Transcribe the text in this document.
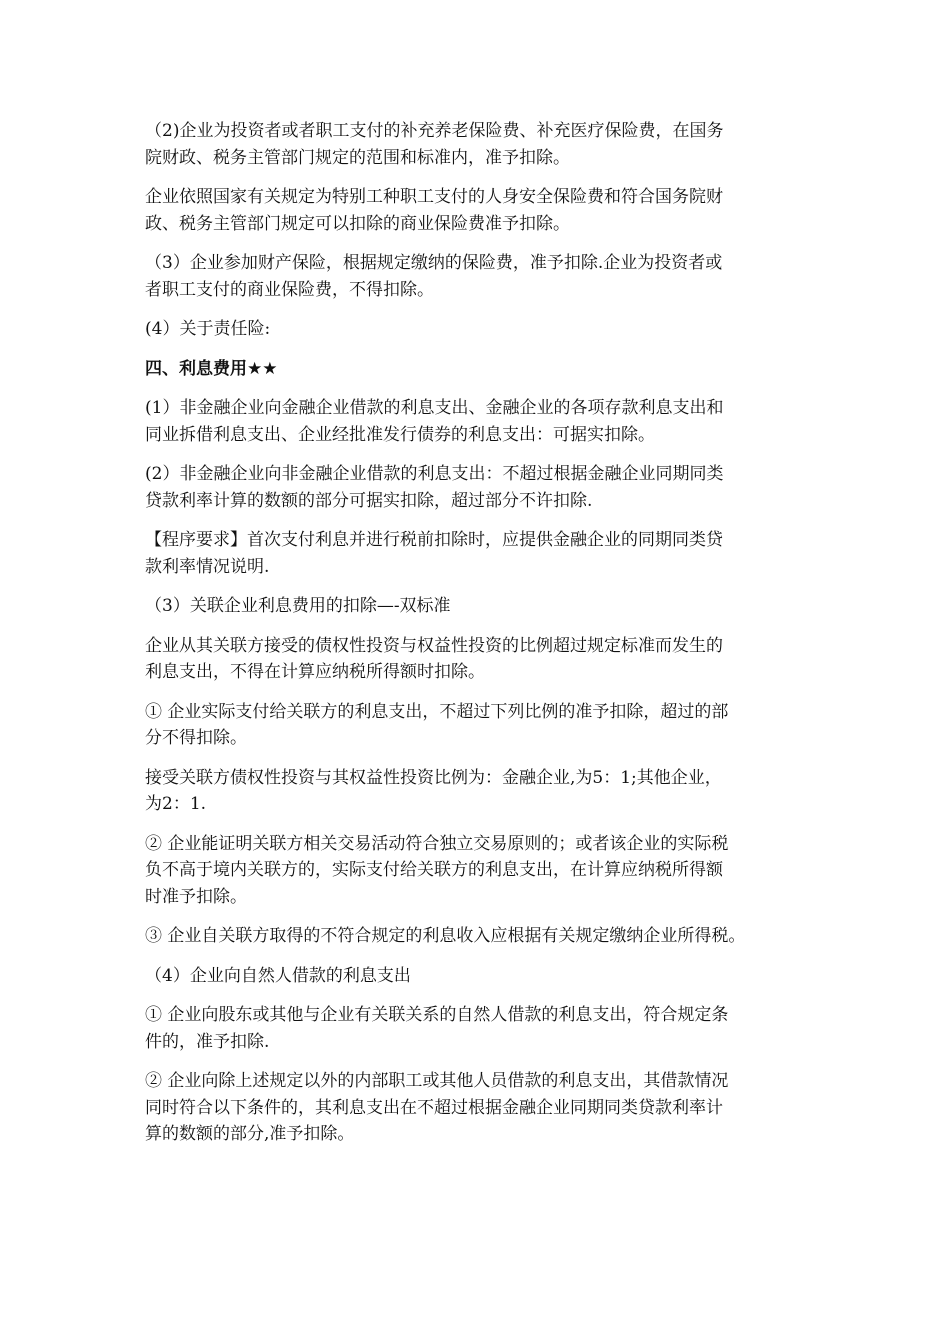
（2)企业为投资者或者职工支付的补充养老保险费、补充医疗保险费，在国务
院财政、税务主管部门规定的范围和标准内，准予扣除。

企业依照国家有关规定为特别工种职工支付的人身安全保险费和符合国务院财
政、税务主管部门规定可以扣除的商业保险费准予扣除。

（3）企业参加财产保险，根据规定缴纳的保险费，准予扣除.企业为投资者或
者职工支付的商业保险费，不得扣除。

(4）关于责任险:

四、利息费用★★

(1）非金融企业向金融企业借款的利息支出、金融企业的各项存款利息支出和
同业拆借利息支出、企业经批准发行债券的利息支出：可据实扣除。

(2）非金融企业向非金融企业借款的利息支出：不超过根据金融企业同期同类
贷款利率计算的数额的部分可据实扣除，超过部分不许扣除.

【程序要求】首次支付利息并进行税前扣除时，应提供金融企业的同期同类贷
款利率情况说明.

（3）关联企业利息费用的扣除—-双标准

企业从其关联方接受的债权性投资与权益性投资的比例超过规定标准而发生的
利息支出，不得在计算应纳税所得额时扣除。

① 企业实际支付给关联方的利息支出，不超过下列比例的准予扣除，超过的部
分不得扣除。

接受关联方债权性投资与其权益性投资比例为：金融企业,为5：1;其他企业，
为2：1.

② 企业能证明关联方相关交易活动符合独立交易原则的；或者该企业的实际税
负不高于境内关联方的，实际支付给关联方的利息支出，在计算应纳税所得额
时准予扣除。

③ 企业自关联方取得的不符合规定的利息收入应根据有关规定缴纳企业所得税。

（4）企业向自然人借款的利息支出

① 企业向股东或其他与企业有关联关系的自然人借款的利息支出，符合规定条
件的，准予扣除.

② 企业向除上述规定以外的内部职工或其他人员借款的利息支出，其借款情况
同时符合以下条件的，其利息支出在不超过根据金融企业同期同类贷款利率计
算的数额的部分,准予扣除。
